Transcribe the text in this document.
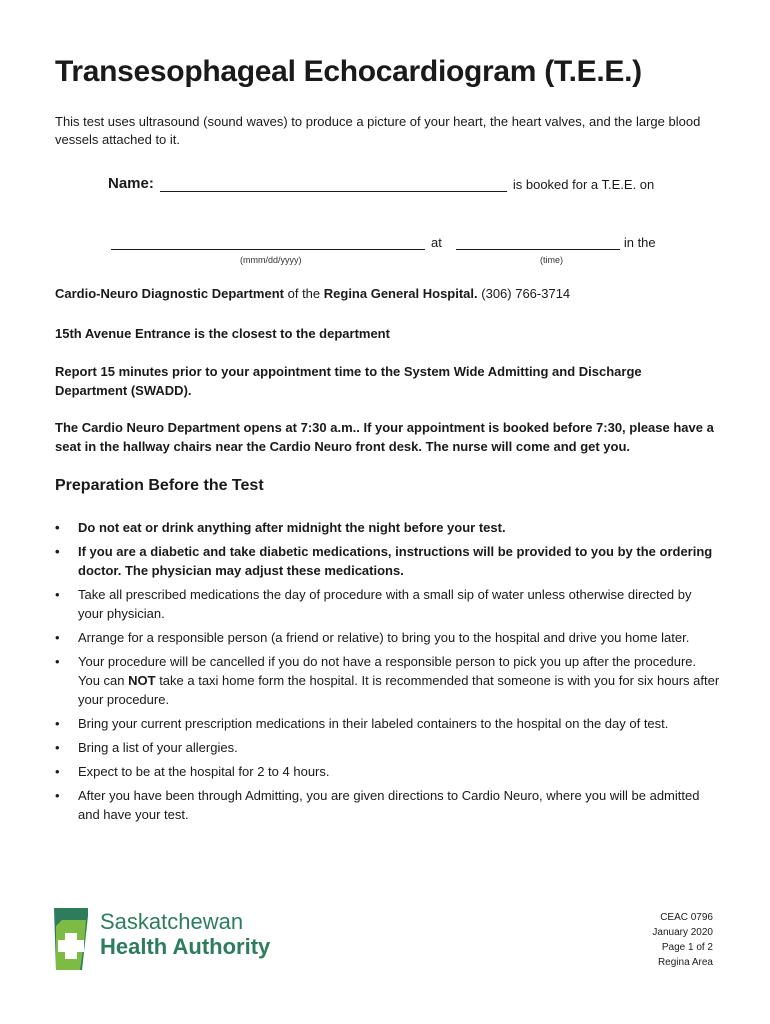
Transesophageal Echocardiogram (T.E.E.)

This test uses ultrasound (sound waves) to produce a picture of your heart, the heart valves, and the large blood vessels attached to it.

Name:	is booked for a T.E.E. on
at	in the
(mmm/dd/yyyy)	(time)

Cardio-Neuro Diagnostic Department of the Regina General Hospital. (306) 766-3714

15th Avenue Entrance is the closest to the department

Report 15 minutes prior to your appointment time to the System Wide Admitting and Discharge Department (SWADD).

The Cardio Neuro Department opens at 7:30 a.m.. If your appointment is booked before 7:30, please have a seat in the hallway chairs near the Cardio Neuro front desk. The nurse will come and get you.

Preparation Before the Test
• Do not eat or drink anything after midnight the night before your test.
• If you are a diabetic and take diabetic medications, instructions will be provided to you by the ordering doctor. The physician may adjust these medications.
• Take all prescribed medications the day of procedure with a small sip of water unless otherwise directed by your physician.
• Arrange for a responsible person (a friend or relative) to bring you to the hospital and drive you home later.
• Your procedure will be cancelled if you do not have a responsible person to pick you up after the procedure. You can NOT take a taxi home form the hospital. It is recommended that someone is with you for six hours after your procedure.
• Bring your current prescription medications in their labeled containers to the hospital on the day of test.
• Bring a list of your allergies.
• Expect to be at the hospital for 2 to 4 hours.
• After you have been through Admitting, you are given directions to Cardio Neuro, where you will be admitted and have your test.
Saskatchewan
Health Authority
CEAC 0796
January 2020
Page 1 of 2
Regina Area
